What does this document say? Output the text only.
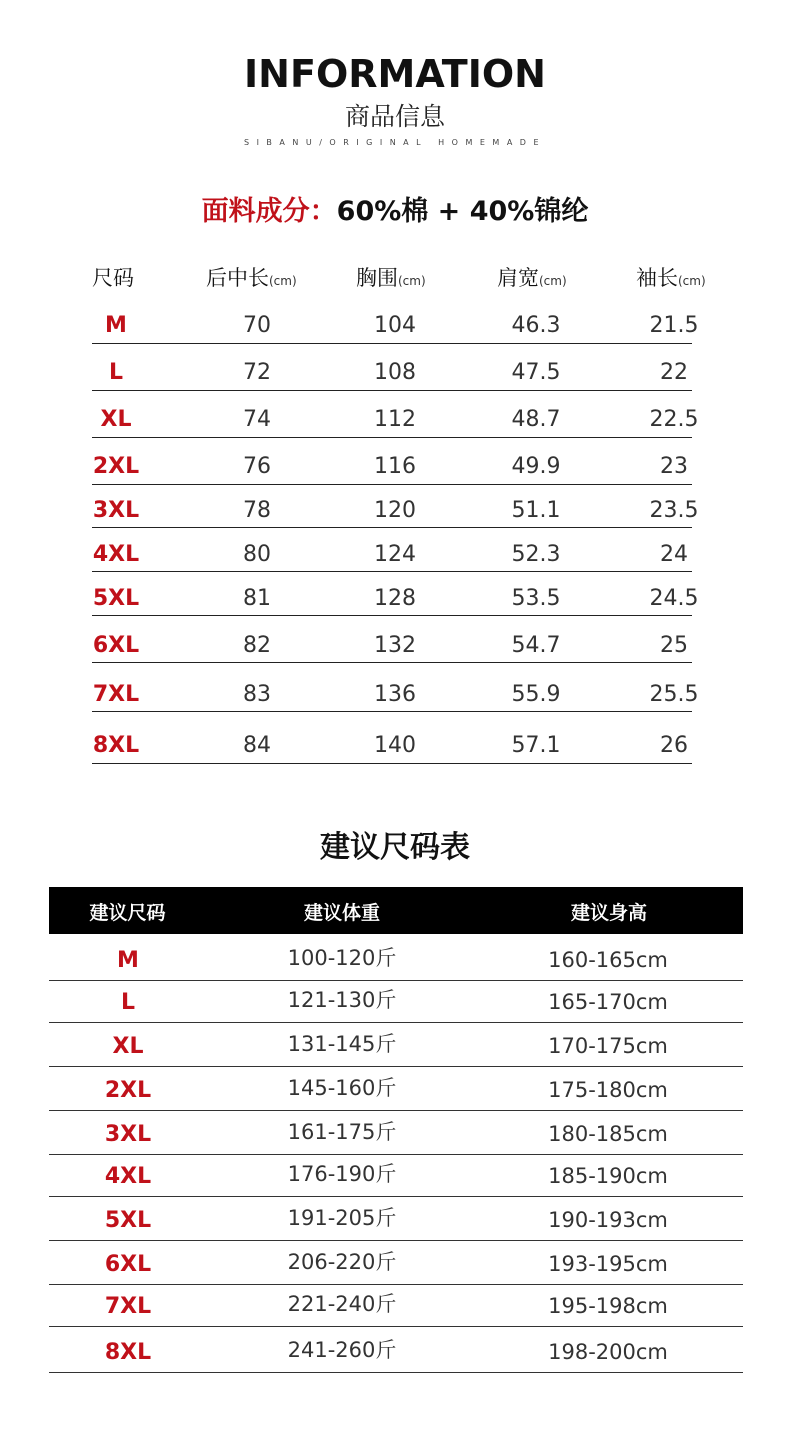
INFORMATION
商品信息
SIBANU/ORIGINAL HOMEMADE
面料成分：60%棉 + 40%锦纶
尺码	后中长(cm)	胸围(cm)	肩宽(cm)	袖长(cm)
M	70	104	46.3	21.5
L	72	108	47.5	22
XL	74	112	48.7	22.5
2XL	76	116	49.9	23
3XL	78	120	51.1	23.5
4XL	80	124	52.3	24
5XL	81	128	53.5	24.5
6XL	82	132	54.7	25
7XL	83	136	55.9	25.5
8XL	84	140	57.1	26
建议尺码表
建议尺码	建议体重	建议身高
M	100-120斤	160-165cm
L	121-130斤	165-170cm
XL	131-145斤	170-175cm
2XL	145-160斤	175-180cm
3XL	161-175斤	180-185cm
4XL	176-190斤	185-190cm
5XL	191-205斤	190-193cm
6XL	206-220斤	193-195cm
7XL	221-240斤	195-198cm
8XL	241-260斤	198-200cm
